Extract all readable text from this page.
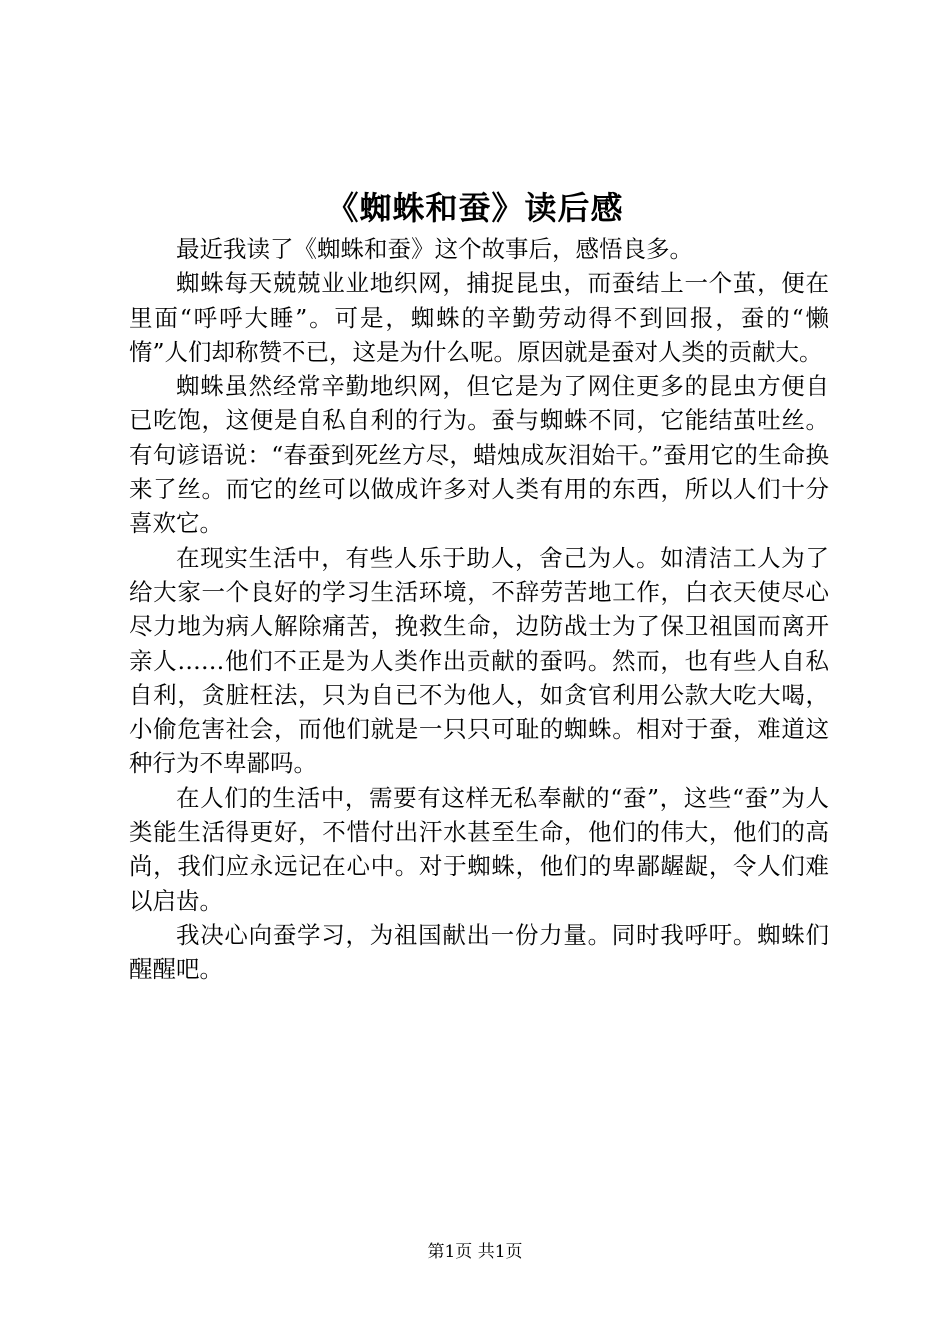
《蜘蛛和蚕》读后感

最近我读了《蜘蛛和蚕》这个故事后，感悟良多。

蜘蛛每天兢兢业业地织网，捕捉昆虫，而蚕结上一个茧，便在里面“呼呼大睡”。可是，蜘蛛的辛勤劳动得不到回报，蚕的“懒惰”人们却称赞不已，这是为什么呢。原因就是蚕对人类的贡献大。

蜘蛛虽然经常辛勤地织网，但它是为了网住更多的昆虫方便自已吃饱，这便是自私自利的行为。蚕与蜘蛛不同，它能结茧吐丝。有句谚语说：“春蚕到死丝方尽，蜡烛成灰泪始干。”蚕用它的生命换来了丝。而它的丝可以做成许多对人类有用的东西，所以人们十分喜欢它。

在现实生活中，有些人乐于助人，舍己为人。如清洁工人为了给大家一个良好的学习生活环境，不辞劳苦地工作，白衣天使尽心尽力地为病人解除痛苦，挽救生命，边防战士为了保卫祖国而离开亲人……他们不正是为人类作出贡献的蚕吗。然而，也有些人自私自利，贪脏枉法，只为自已不为他人，如贪官利用公款大吃大喝，小偷危害社会，而他们就是一只只可耻的蜘蛛。相对于蚕，难道这种行为不卑鄙吗。

在人们的生活中，需要有这样无私奉献的“蚕”，这些“蚕”为人类能生活得更好，不惜付出汗水甚至生命，他们的伟大，他们的高尚，我们应永远记在心中。对于蜘蛛，他们的卑鄙龌龊，令人们难以启齿。

我决心向蚕学习，为祖国献出一份力量。同时我呼吁。蜘蛛们醒醒吧。

第1页 共1页
